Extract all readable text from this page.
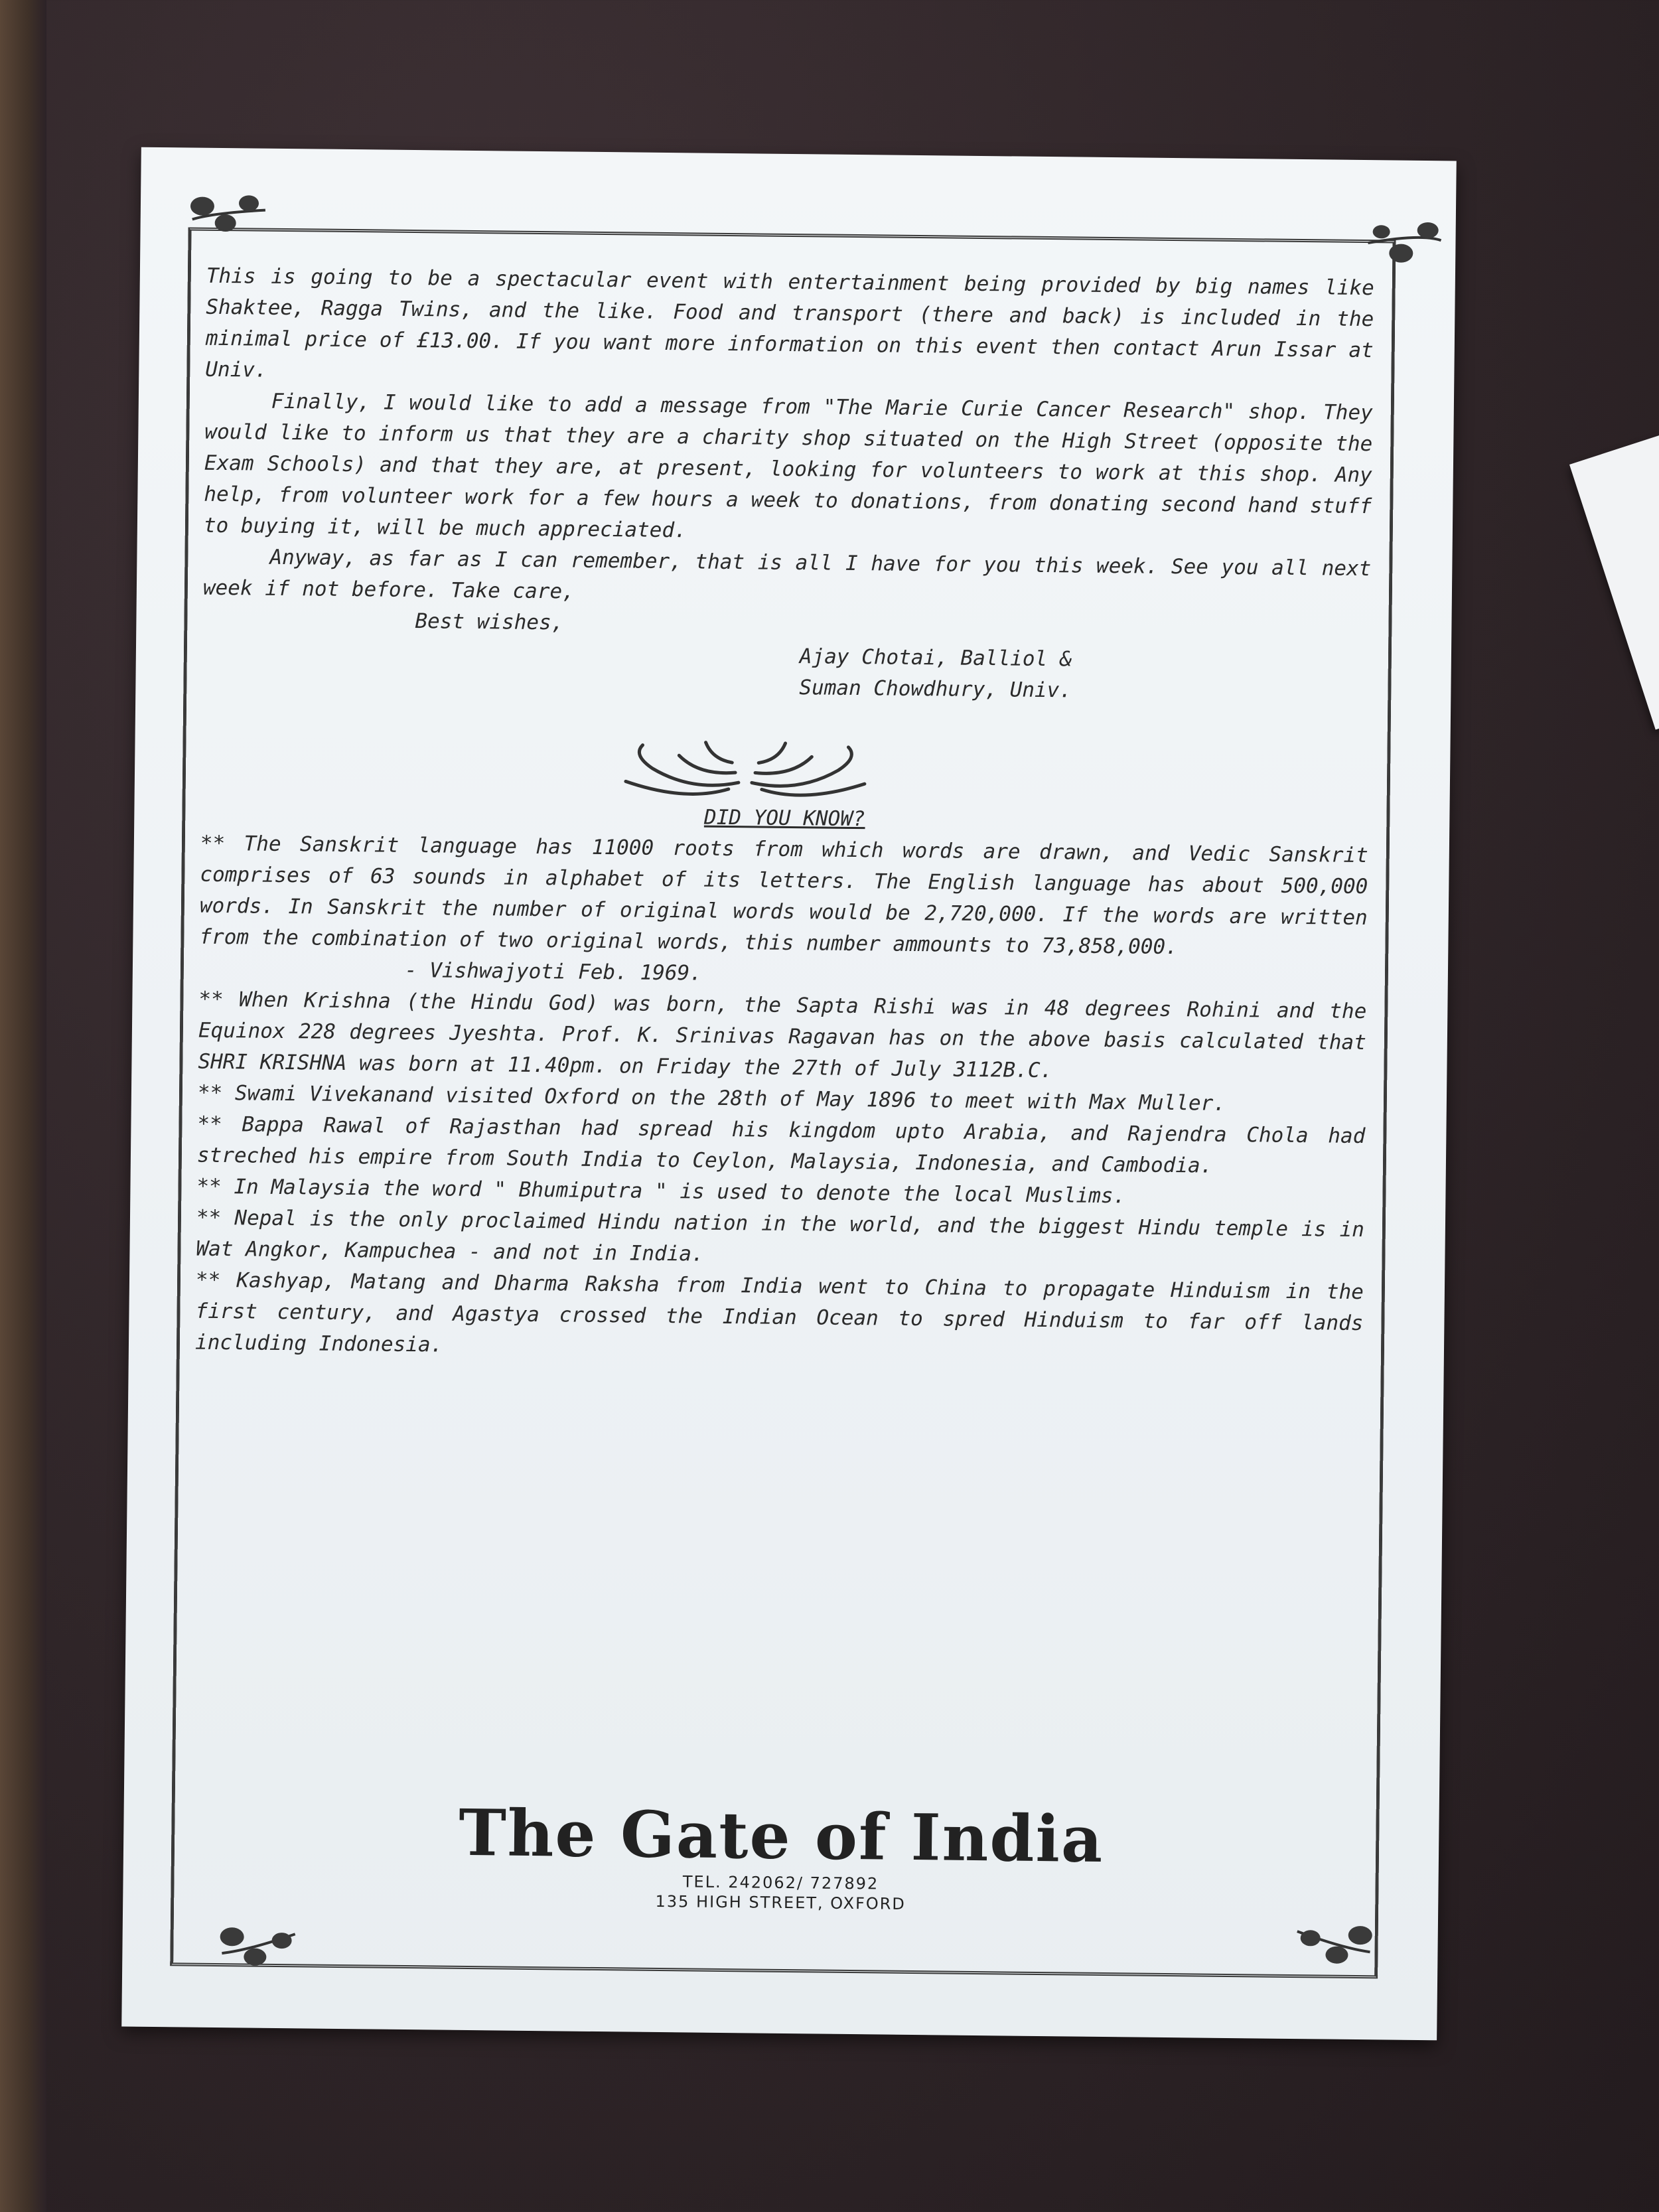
This is going to be a spectacular event with entertainment being provided by big names like Shaktee, Ragga Twins, and the like. Food and transport (there and back) is included in the minimal price of £13.00. If you want more information on this event then contact Arun Issar at Univ.

Finally, I would like to add a message from "The Marie Curie Cancer Research" shop. They would like to inform us that they are a charity shop situated on the High Street (opposite the Exam Schools) and that they are, at present, looking for volunteers to work at this shop. Any help, from volunteer work for a few hours a week to donations, from donating second hand stuff to buying it, will be much appreciated.

Anyway, as far as I can remember, that is all I have for you this week. See you all next week if not before. Take care,

Best wishes,

Ajay Chotai, Balliol &

Suman Chowdhury, Univ.

DID YOU KNOW?

** The Sanskrit language has 11000 roots from which words are drawn, and Vedic Sanskrit comprises of 63 sounds in alphabet of its letters. The English language has about 500,000 words. In Sanskrit the number of original words would be 2,720,000. If the words are written from the combination of two original words, this number ammounts to 73,858,000.

- Vishwajyoti Feb. 1969.

** When Krishna (the Hindu God) was born, the Sapta Rishi was in 48 degrees Rohini and the Equinox 228 degrees Jyeshta. Prof. K. Srinivas Ragavan has on the above basis calculated that SHRI KRISHNA was born at 11.40pm. on Friday the 27th of July 3112B.C.

** Swami Vivekanand visited Oxford on the 28th of May 1896 to meet with Max Muller.

** Bappa Rawal of Rajasthan had spread his kingdom upto Arabia, and Rajendra Chola had streched his empire from South India to Ceylon, Malaysia, Indonesia, and Cambodia.

** In Malaysia the word " Bhumiputra " is used to denote the local Muslims.

** Nepal is the only proclaimed Hindu nation in the world, and the biggest Hindu temple is in Wat Angkor, Kampuchea - and not in India.

** Kashyap, Matang and Dharma Raksha from India went to China to propagate Hinduism in the first century, and Agastya crossed the Indian Ocean to spred Hinduism to far off lands including Indonesia.

The Gate of India
TEL. 242062/ 727892
135 HIGH STREET, OXFORD
